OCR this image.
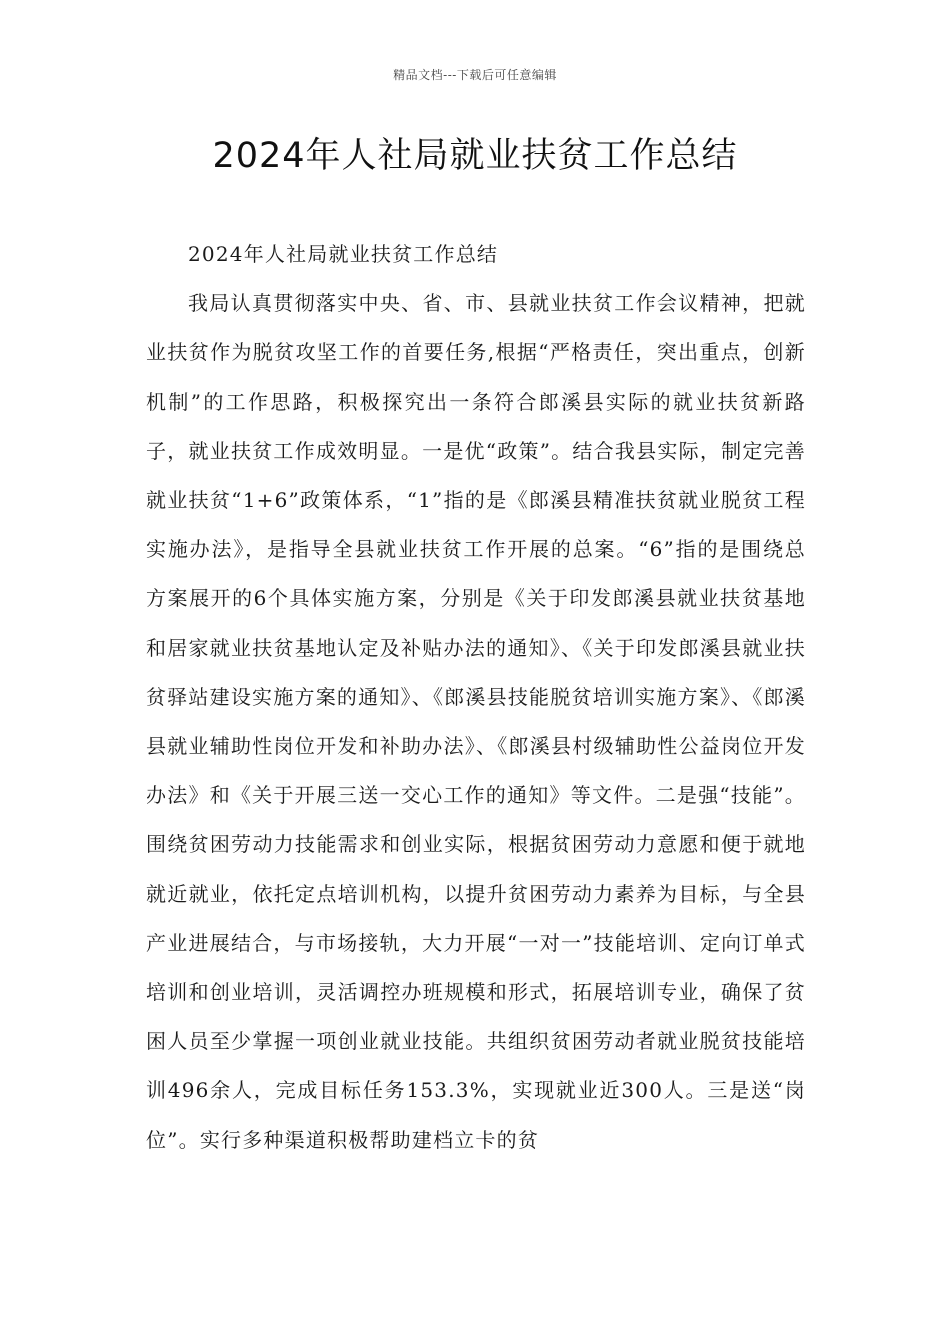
精品文档---下载后可任意编辑
2024年人社局就业扶贫工作总结

2024年人社局就业扶贫工作总结

我局认真贯彻落实中央、省、市、县就业扶贫工作会议精神，把就业扶贫作为脱贫攻坚工作的首要任务,根据“严格责任，突出重点，创新机制”的工作思路，积极探究出一条符合郎溪县实际的就业扶贫新路子，就业扶贫工作成效明显。一是优“政策”。结合我县实际，制定完善就业扶贫“1+6”政策体系，“1”指的是《郎溪县精准扶贫就业脱贫工程实施办法》，是指导全县就业扶贫工作开展的总案。“6”指的是围绕总方案展开的6个具体实施方案，分别是《关于印发郎溪县就业扶贫基地和居家就业扶贫基地认定及补贴办法的通知》、《关于印发郎溪县就业扶贫驿站建设实施方案的通知》、《郎溪县技能脱贫培训实施方案》、《郎溪县就业辅助性岗位开发和补助办法》、《郎溪县村级辅助性公益岗位开发办法》和《关于开展三送一交心工作的通知》等文件。二是强“技能”。围绕贫困劳动力技能需求和创业实际，根据贫困劳动力意愿和便于就地就近就业，依托定点培训机构，以提升贫困劳动力素养为目标，与全县产业进展结合，与市场接轨，大力开展“一对一”技能培训、定向订单式培训和创业培训，灵活调控办班规模和形式，拓展培训专业，确保了贫困人员至少掌握一项创业就业技能。共组织贫困劳动者就业脱贫技能培训496余人，完成目标任务153.3%，实现就业近300人。三是送“岗位”。实行多种渠道积极帮助建档立卡的贫
